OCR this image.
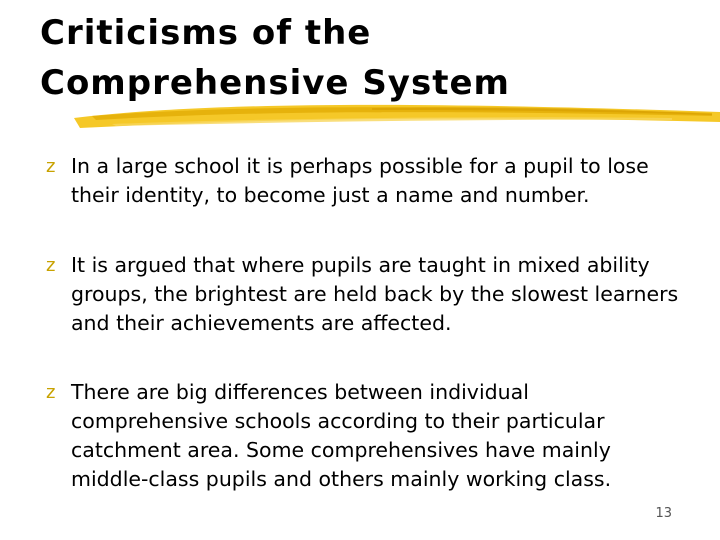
Criticisms of the
Comprehensive System
z In a large school it is perhaps possible for a pupil to lose their identity, to become just a name and number.
z It is argued that where pupils are taught in mixed ability groups, the brightest are held back by the slowest learners and their achievements are affected.
z There are big differences between individual comprehensive schools according to their particular catchment area. Some comprehensives have mainly middle-class pupils and others mainly working class.
13
